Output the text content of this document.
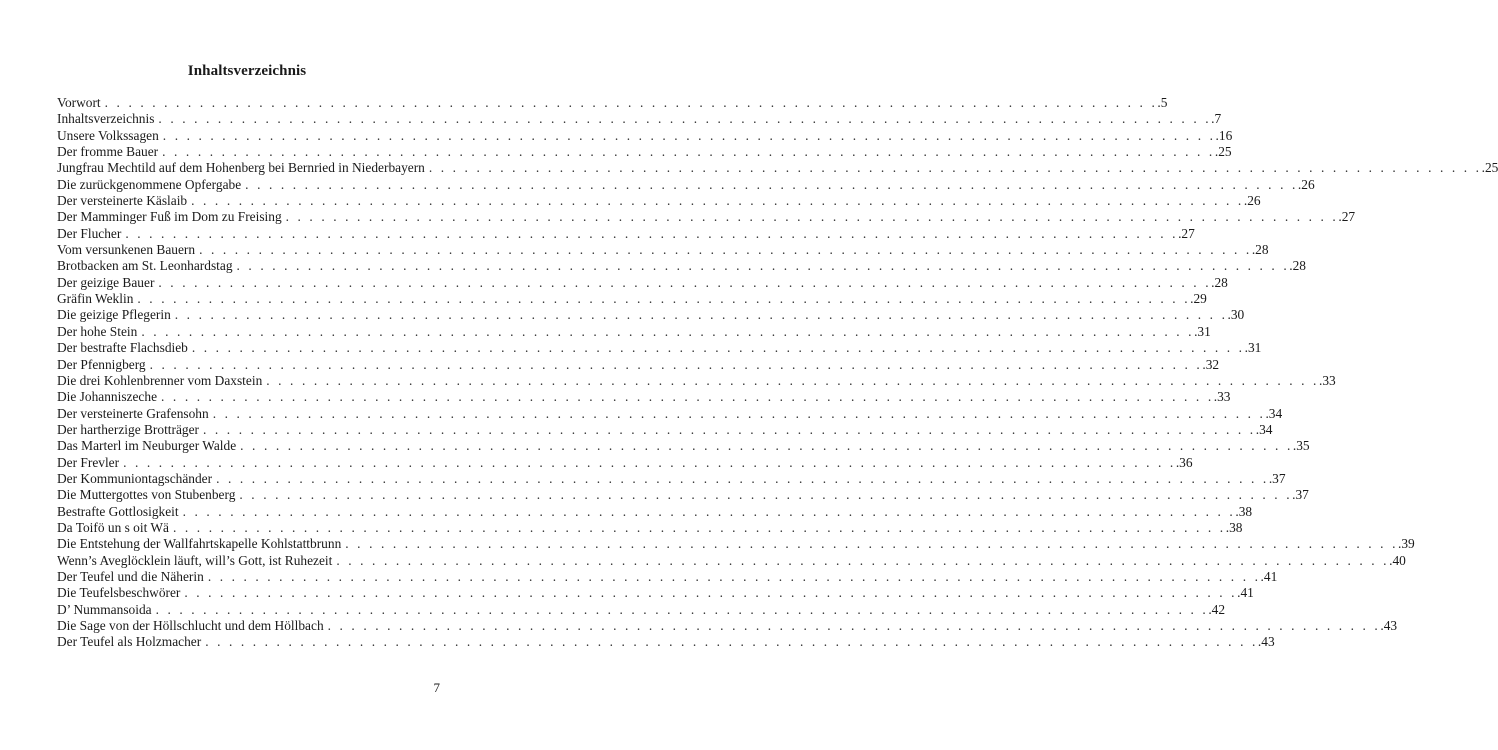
Inhaltsverzeichnis
Vorwort . . .	.5
Inhaltsverzeichnis . . .	.7
Unsere Volkssagen . . .	.16
Der fromme Bauer . . .	.25
Jungfrau Mechtild auf dem Hohenberg bei Bernried in Niederbayern . . .	.25
Die zurückgenommene Opfergabe . . .	.26
Der versteinerte Käslaib . . .	.26
Der Mamminger Fuß im Dom zu Freising . . .	.27
Der Flucher . . .	.27
Vom versunkenen Bauern . . .	.28
Brotbacken am St. Leonhardstag . . .	.28
Der geizige Bauer . . .	.28
Gräfin Weklin . . .	.29
Die geizige Pflegerin . . .	.30
Der hohe Stein . . .	.31
Der bestrafte Flachsdieb . . .	.31
Der Pfennigberg . . .	.32
Die drei Kohlenbrenner vom Daxstein . . .	.33
Die Johanniszeche . . .	.33
Der versteinerte Grafensohn . . .	.34
Der hartherzige Brotträger . . .	.34
Das Marterl im Neuburger Walde . . .	.35
Der Frevler . . .	.36
Der Kommuniontagschänder . . .	.37
Die Muttergottes von Stubenberg . . .	.37
Bestrafte Gottlosigkeit . . .	.38
Da Toifö un s oit Wä . . .	.38
Die Entstehung der Wallfahrtskapelle Kohlstattbrunn . . .	.39
Wenn’s Aveglöcklein läuft, will’s Gott, ist Ruhezeit . . .	.40
Der Teufel und die Näherin . . .	.41
Die Teufelsbeschwörer . . .	.41
D’ Nummansoida . . .	.42
Die Sage von der Höllschlucht und dem Höllbach . . .	.43
Der Teufel als Holzmacher . . .	.43
7
